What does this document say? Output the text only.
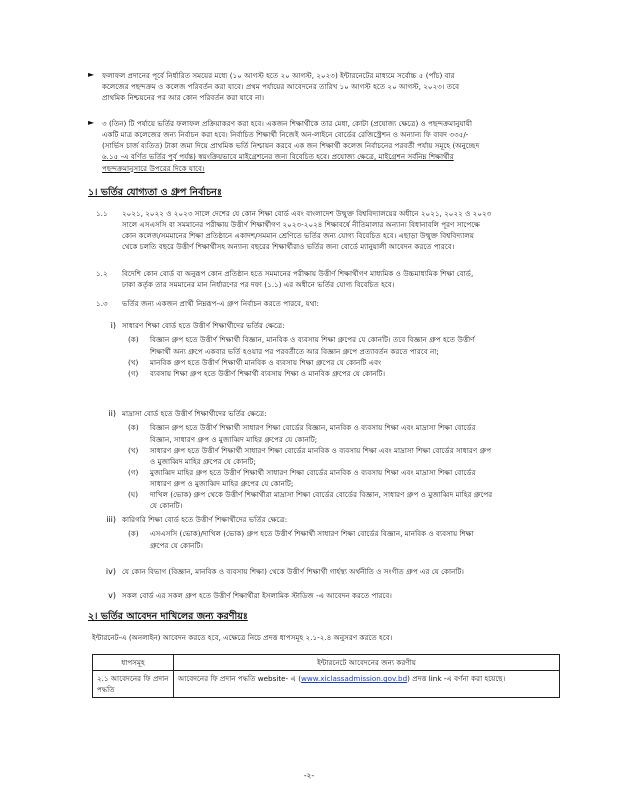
►	ফলাফল প্রদানের পূর্বে নির্ধারিত সময়ের মধ্যে (১০ আগস্ট হতে ২০ আগস্ট, ২০২৩) ইন্টারনেটের মাধ্যমে সর্বোচ্চ ৫ (পাঁচ) বার

কলেজের পছন্দক্রম ও কলেজ পরিবর্তন করা যাবে। প্রথম পর্যায়ের আবেদনের তারিখ ১০ আগস্ট হতে ২০ আগস্ট, ২০২৩। তবে

প্রাথমিক নিশ্চয়নের পর আর কোন পরিবর্তন করা যাবে না।

►	৩ (তিন) টি পর্যায়ে ভর্তির ফলাফল প্রক্রিয়াকরণ করা হবে। একজন শিক্ষার্থীকে তার মেধা, কোটা (প্রযোজ্য ক্ষেত্রে) ও পছন্দক্রমানুযায়ী

একটি মাত্র কলেজের জন্য নির্বাচন করা হবে। নির্বাচিত শিক্ষার্থী নিজেই অন-লাইনে বোর্ডের রেজিস্ট্রেশন ও অন্যান্য ফি বাবদ ৩৩৫/-

(সার্ভিস চার্জ ব্যতিত) টাকা জমা দিয়ে প্রাথমিক ভর্তি নিশ্চায়ন করবে এক জন শিক্ষার্থী কলেজ নির্বাচনের পরবর্তী পর্যায় সমূহে (অনুচ্ছেদ

৬.১৫ -এ বর্ণিত ভর্তির পূর্ব পর্যন্ত) স্বয়ংক্রিয়ভাবে মাইগ্রেশনের জন্য বিবেচিত হবে। প্রযোজ্য ক্ষেত্রে, মাইগ্রেশন সর্বনিম্ন শিক্ষার্থীর

পছন্দক্রমানুসারে উপরের দিকে যাবে।

১। ভর্তির যোগ্যতা ও গ্রুপ নির্বাচনঃ
১.১	২০২১, ২০২২ ও ২০২৩ সালে দেশের যে কোন শিক্ষা বোর্ড এবং বাংলাদেশ উন্মুক্ত বিশ্ববিদ্যালয়ের অধীনে ২০২১, ২০২২ ও ২০২৩

সালে এসএসসি বা সমমানের পরীক্ষায় উত্তীর্ণ শিক্ষার্থীগণ ২০২৩-২০২৪ শিক্ষাবর্ষে নীতিমালার অন্যান্য বিধানাবলি পূরণ সাপেক্ষে

কোন কলেজ/সমমানের শিক্ষা প্রতিষ্ঠানে একাদশ/সমমান শ্রেণিতে ভর্তির জন্য যোগ্য বিবেচিত হবে। এছাড়া উন্মুক্ত বিশ্ববিদ্যালয়

থেকে চলতি বছরে উত্তীর্ণ শিক্ষার্থীসহ অন্যান্য বছরের শিক্ষার্থীরাও ভর্তির জন্য বোর্ডে ম্যানুয়ালী আবেদন করতে পারবে।

১.২	বিদেশি কোন বোর্ড বা অনুরূপ কোন প্রতিষ্ঠান হতে সমমানের পরীক্ষায় উত্তীর্ণ শিক্ষার্থীগণ মাধ্যমিক ও উচ্চমাধ্যমিক শিক্ষা বোর্ড,

ঢাকা কর্তৃক তার সমমানের মান নির্ধারণের পর দফা (১.১) এর অধীনে ভর্তির যোগ্য বিবেচিত হবে।

১.৩	ভর্তির জন্য একজন প্রার্থী নিম্নরূপ-এ গ্রুপ নির্বাচন করতে পারবে, যথা:
i) সাধারণ শিক্ষা বোর্ড হতে উত্তীর্ণ শিক্ষার্থীদের ভর্তির ক্ষেত্রে:
(ক)	বিজ্ঞান গ্রুপ হতে উত্তীর্ণ শিক্ষার্থী বিজ্ঞান, মানবিক ও ব্যবসায় শিক্ষা গ্রুপের যে কোনটি। তবে বিজ্ঞান গ্রুপ হতে উত্তীর্ণ

শিক্ষার্থী অন্য গ্রুপে একবার ভর্তি হওয়ার পর পরবর্তীতে আর বিজ্ঞান গ্রুপে প্রত্যাবর্তন করতে পারবে না;

(খ)	মানবিক গ্রুপ হতে উত্তীর্ণ শিক্ষার্থী মানবিক ও ব্যবসায় শিক্ষা গ্রুপের যে কোনটি এবং

(গ)	ব্যবসায় শিক্ষা গ্রুপ হতে উত্তীর্ণ শিক্ষার্থী ব্যবসায় শিক্ষা ও মানবিক গ্রুপের যে কোনটি।

ii) মাদ্রাসা বোর্ড হতে উত্তীর্ণ শিক্ষার্থীদের ভর্তির ক্ষেত্রে:
(ক)	বিজ্ঞান গ্রুপ হতে উত্তীর্ণ শিক্ষার্থী সাধারণ শিক্ষা বোর্ডের বিজ্ঞান, মানবিক ও ব্যবসায় শিক্ষা এবং মাদ্রাসা শিক্ষা বোর্ডের

বিজ্ঞান, সাধারণ গ্রুপ ও মুজাব্বিদ মাহির গ্রুপের যে কোনটি;

(খ)	সাধারণ গ্রুপ হতে উত্তীর্ণ শিক্ষার্থী সাধারণ শিক্ষা বোর্ডের মানবিক ও ব্যবসায় শিক্ষা এবং মাদ্রাসা শিক্ষা বোর্ডের সাধারণ গ্রুপ

ও মুজাব্বিদ মাহির গ্রুপের যে কোনটি;

(গ)	মুজাব্বিদ মাহির গ্রুপ হতে উত্তীর্ণ শিক্ষার্থী সাধারণ শিক্ষা বোর্ডের মানবিক ও ব্যবসায় শিক্ষা এবং মাদ্রাসা শিক্ষা বোর্ডের

সাধারণ গ্রুপ ও মুজাব্বিদ মাহির গ্রুপের যে কোনটি;

(ঘ)	দাখিল (ভোক) গ্রুপ থেকে উত্তীর্ণ শিক্ষার্থীরা মাদ্রাসা শিক্ষা বোর্ডের বোর্ডের বিজ্ঞান, সাধারণ গ্রুপ ও মুজাব্বিদ মাহির গ্রুপের

যে কোনটি।

iii) কারিগরি শিক্ষা বোর্ড হতে উত্তীর্ণ শিক্ষার্থীদের ভর্তির ক্ষেত্রে:
(ক)	এসএসসি (ভোক)/দাখিল (ভোক) গ্রুপ হতে উত্তীর্ণ শিক্ষার্থী সাধারণ শিক্ষা বোর্ডের বিজ্ঞান, মানবিক ও ব্যবসায় শিক্ষা

গ্রুপের যে কোনটি।

iv) যে কোন বিভাগ (বিজ্ঞান, মানবিক ও ব্যবসায় শিক্ষা) থেকে উত্তীর্ণ শিক্ষার্থী গার্হস্থ্য অর্থনীতি ও সংগীত গ্রুপ এর যে কোনটি।
v) সকল বোর্ড এর সকল গ্রুপ হতে উত্তীর্ণ শিক্ষার্থীরা ইসলামিক স্টাডিজ -এ আবেদন করতে পারবে।
২। ভর্তির আবেদন দাখিলের জন্য করণীয়ঃ
ইন্টারনেট-এ (অনলাইন) আবেদন করতে হবে, এক্ষেত্রে নিচে প্রদত্ত ধাপসমূহ ২.১-২.৪ অনুসরণ করতে হবে।
ধাপসমূহ	ইন্টারনেটে আবেদনের জন্য করণীয়
২.১ আবেদনের ফি প্রদান পদ্ধতি	আবেদনের ফি প্রদান পদ্ধতি website- এ (www.xiclassadmission.gov.bd) প্রদত্ত link -এ বর্ণনা করা হয়েছে।
-২-
